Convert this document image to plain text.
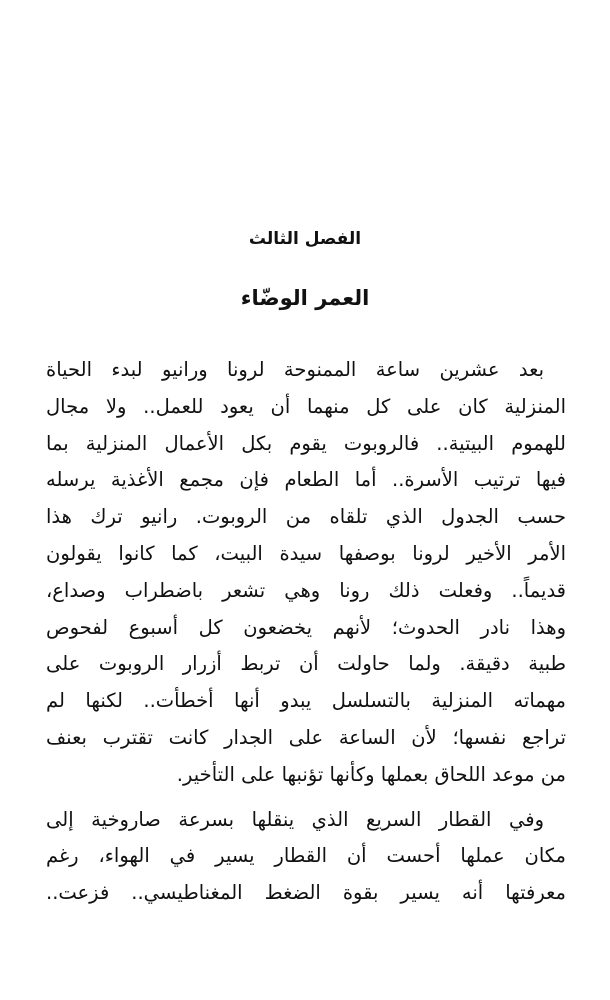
الفصل الثالث
العمر الوضّاء
بعد عشرين ساعة الممنوحة لرونا ورانيو لبدء الحياة
المنزلية كان على كل منهما أن يعود للعمل.. ولا مجال
للهموم البيتية.. فالروبوت يقوم بكل الأعمال المنزلية بما
فيها ترتيب الأسرة.. أما الطعام فإن مجمع الأغذية يرسله
حسب الجدول الذي تلقاه من الروبوت. رانيو ترك هذا
الأمر الأخير لرونا بوصفها سيدة البيت، كما كانوا يقولون
قديماً.. وفعلت ذلك رونا وهي تشعر باضطراب وصداع،
وهذا نادر الحدوث؛ لأنهم يخضعون كل أسبوع لفحوص
طبية دقيقة. ولما حاولت أن تربط أزرار الروبوت على
مهماته المنزلية بالتسلسل يبدو أنها أخطأت.. لكنها لم
تراجع نفسها؛ لأن الساعة على الجدار كانت تقترب بعنف
من موعد اللحاق بعملها وكأنها تؤنبها على التأخير.
وفي القطار السريع الذي ينقلها بسرعة صاروخية إلى
مكان عملها أحست أن القطار يسير في الهواء، رغم
معرفتها أنه يسير بقوة الضغط المغناطيسي.. فزعت..
